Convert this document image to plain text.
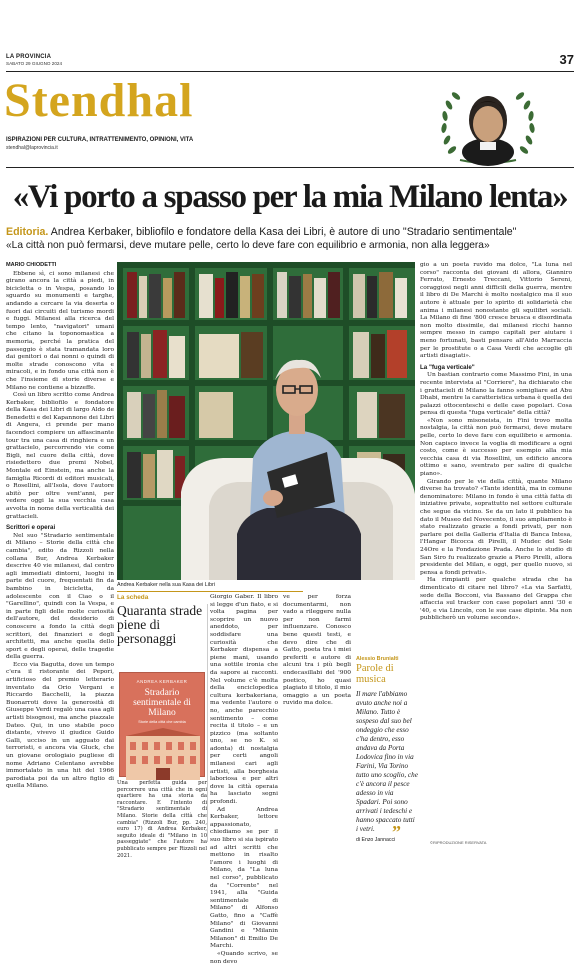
LA PROVINCIA
SABATO 29 GIUGNO 2024	37
Stendhal
ISPIRAZIONI PER CULTURA, INTRATTENIMENTO, OPINIONI, VITA
stendhal@laprovincia.it
«Vi porto a spasso per la mia Milano lenta»
Editoria. Andrea Kerbaker, bibliofilo e fondatore della Kasa dei Libri, è autore di uno "Stradario sentimentale"
«La città non può fermarsi, deve mutare pelle, certo lo deve fare con equilibrio e armonia, non alla leggera»
MARIO CHIODETTI

Ebbene sì, ci sono milanesi che girano ancora la città a piedi, in bicicletta o in Vespa, posando lo sguardo su monumenti e targhe, andando a cercare la via deserta o fuori dai circuiti del turismo mordi e fuggi. Milanesi alla ricerca del tempo lento, "navigatori" umani che citano la toponomastica a memoria, perché la pratica del passeggio è stata tramandata loro dai genitori o dai nonni o quindi di molte strade conoscono vita e miracoli, e in fondo una città non è che l'insieme di storie diverse e Milano ne contiene a bizzeffe.

Così un libro scritto come Andrea Kerbaker, bibliofilo e fondatore della Kasa dei Libri di largo Aldo de Benedetti e del Kapannone dei Libri di Angera, ci prende per mano facendoci compiere un affascinante tour tra una casa di ringhiera e un grattacielo, percorrendo vie come Bigli, nel cuore della città, dove risiedettero due premi Nobel, Montale ed Einstein, ma anche la famiglia Ricordi di editori musicali, o Rosellini, all'Isola, dove l'autore abitò per oltre vent'anni, per vedere oggi la sua vecchia casa avvolta in nome della verticalità dei grattacieli.

Scrittori e operai

Nel suo "Stradario sentimentale di Milano – Storie della città che cambia", edito da Rizzoli nella collana Bur, Andrea Kerbaker descrive 40 vie milanesi, dal centro agli immediati dintorni, luoghi in parte del cuore, frequentati fin da bambino in bicicletta, da adolescente con il Ciao o il "Garellino", quindi con la Vespa, e in parte figli delle molte curiosità dell'autore, del desiderio di conoscere a fondo la città degli scrittori, dei finanzieri e degli architetti, ma anche quella dello sport e degli operai, delle tragedie della guerra.

Ecco via Bagutta, dove un tempo c'era il ristorante dei Pepori, artificioso del premio letterario inventato da Orio Vergani e Riccardo Bacchelli, la piazza Buonarroti dove la generosità di Giuseppe Verdi regalò una casa agli artisti bisognosi, ma anche piazzale Dateo. Qui, in uno stabile poco distante, vivevo il giudice Guido Galli, ucciso in un agguato dai terroristi, e ancora via Gluck, che un giovane orologiaio pugliese di nome Adriano Celentano avrebbe immortalato in una hit del 1966 parodiata poi da un altro figlio di quella Milano.

Andrea Kerbaker nella sua Kasa dei Libri

gio a un poeta ruvido ma dolce, "La luna nel corso" racconta dei giovani di allora, Gianniro Ferrato, Ernesto Treccani, Vittorio Sereni, coraggiosi negli anni difficili della guerra, mentre il libro di De Marchi è molto nostalgico ma il suo autore è attuale per lo spirito di solidarietà che anima i milanesi nonostante gli squilibri sociali. La Milano di fine '800 cresce brusca e disordinata non molto dissimile, dai milanesi ricchi hanno sempre messo in campo capitali per aiutare i meno fortunati, basti pensare all'Aido Marraccia per le prostitute o a Casa Verdi che accoglie gli artisti disagiati».

La "fuga verticale"

Un bastian contrario come Massimo Fini, in una recente intervista al "Corriere", ha dichiarato che i grattacieli di Milano la fanno somigliare ad Abu Dhabi, mentre la caratteristica urbana è quella dei palazzi ottocenteschi e delle case popolari. Cosa pensa di questa "fuga verticale" della città?

«Non sono misoneista, in Fini trovo molta nostalgia, la città non può fermarsi, deve mutare pelle, certo lo deve fare con equilibrio e armonia. Non capisco invece la voglia di modificare a ogni costo, come è successo per esempio alla mia vecchia casa di via Rosellini, un edificio ancora ottimo e sano, sventrato per salire di qualche piano».

Girando per le vie della città, quante Milano diverse ha trovato? «Tante identità, ma in comune denominatore: Milano in fondo è una città fatta di iniziative private, soprattutto nel settore culturale che segue da vicino. Se da un lato il pubblico ha dato il Museo del Novecento, il suo ampliamento è stato realizzato grazie a fondi privati, per non parlare poi della Galleria d'Italia di Banca Intesa, l'Hangar Bicocca di Pirelli, il Mudec del Sole 24Ore e la Fondazione Prada. Anche lo studio di San Siro fu realizzato grazie a Piero Pirelli, allora presidente del Milan, e oggi, per quello nuovo, si pensa a fondi privati».

Ha rimpianti per qualche strada che ha dimenticato di citare nel libro? «La via Sarfatti, sede della Bocconi, via Bassano del Grappa che affaccia sul tracker con case popolari anni '30 e '40, e via Lincoln, con le sue case dipinte. Ma non pubblicherò un volume secondo».

La scheda
Quaranta strade piene di personaggi
ANDREA KERBAKER
Stradario sentimentale di Milano
Storie della città che cambia
Una perfetta guida per percorrere una città che in ogni quartiere ha una storia da raccontare. E l'intento di "Stradario sentimentale di Milano. Storie della città che cambia" (Rizzoli Bur, pp. 240, euro 17) di Andrea Kerbaker, seguito ideale di "Milano in 10 passeggiate" che l'autore ha pubblicato sempre per Rizzoli nel 2021.

Giorgio Gaber. Il libro si legge d'un fiato, e si volta pagina per scoprire un nuovo aneddoto, per soddisfare una curiosità che Kerbaker dispensa a piene mani, usando una sottile ironia che da sapore ai racconti. Nel volume c'è molta della enciclopedica cultura kerbakeriana, ma vedente l'autore o no, anche parecchio sentimento – come recita il titolo – e un pizzico (ma soltanto uno, se no K. si adonta) di nostalgia per certi angoli milanesi cari agli artisti, alla borghesia laboriosa e per altri dove la città operaia ha lasciato segni profondi.

Ad Andrea Kerbaker, lettore appassionato, chiediamo se per il suo libro si sia ispirato ad altri scritti che mettono in risalto l'amore i luoghi di Milano, da "La luna nel corso", pubblicato da "Corrente" nel 1941, alla "Guida sentimentale di Milano" di Alfonso Gatto, fino a "Caffè Milano" di Giovanni Gandini e "Milanin Milanon" di Emilio De Marchi.

«Quando scrivo, se non devo

ve per forza documentarmi, non vado a rileggere nulla per non farmi influenzare. Conosco bene questi testi, e devo dire che di Gatto, poeta tra i miei preferiti e autore di alcuni tra i più begli endecasillabi del '900 poetico, ho quasi plagiato il titolo, il mio omaggio a un poeta ruvido ma dolce.

Alessio Brunialti
Parole di musica
Il mare l'abbiamo avuto anche noi a Milano. Tutto è sospeso dal suo bel ondeggio che esso c'ha dentro, esso andava da Porta Lodovica fino in via Farini, Via Torino tutto uno scoglio, che c'è ancora il pesce adesso in via Spadari. Poi sono arrivati i tedeschi e hanno spaccato tutti i vetri.
di Enzo Jannacci
”
©RIPRODUZIONE RISERVATA
